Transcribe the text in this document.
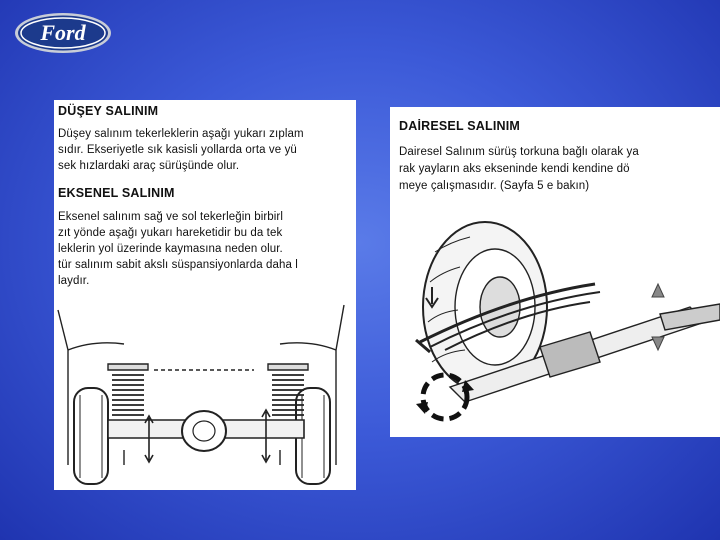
Ford
DÜŞEY SALINIM
Düşey salınım tekerleklerin aşağı yukarı zıplam
sıdır. Ekseriyetle sık kasisli yollarda orta ve yü
sek hızlardaki araç sürüşünde olur.
EKSENEL SALINIM
Eksenel salınım sağ ve sol tekerleğin birbirl
zıt yönde aşağı yukarı hareketidir bu da tek
leklerin yol üzerinde kaymasına neden olur.
tür salınım sabit akslı süspansiyonlarda daha l
laydır.
DAİRESEL SALINIM
Dairesel Salınım sürüş torkuna bağlı olarak ya
rak yayların aks ekseninde kendi kendine dö
meye çalışmasıdır. (Sayfa 5 e bakın)
